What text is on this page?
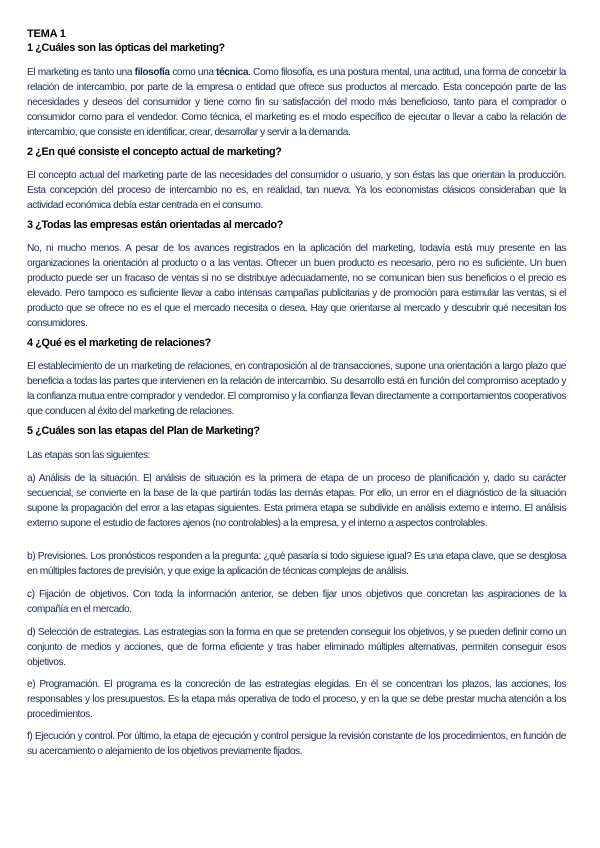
TEMA 1
1 ¿Cuáles son las ópticas del marketing?
El marketing es tanto una filosofía como una técnica. Como filosofía, es una postura mental, una actitud, una forma de concebir la relación de intercambio, por parte de la empresa o entidad que ofrece sus productos al mercado. Esta concepción parte de las necesidades y deseos del consumidor y tiene como fin su satisfacción del modo más beneficioso, tanto para el comprador o consumidor como para el vendedor. Como técnica, el marketing es el modo específico de ejecutar o llevar a cabo la relación de intercambio, que consiste en identificar, crear, desarrollar y servir a la demanda.
2 ¿En qué consiste el concepto actual de marketing?
El concepto actual del marketing parte de las necesidades del consumidor o usuario, y son éstas las que orientan la producción. Esta concepción del proceso de intercambio no es, en realidad, tan nueva. Ya los economistas clásicos consideraban que la actividad económica debía estar centrada en el consumo.
3 ¿Todas las empresas están orientadas al mercado?
No, ni mucho menos. A pesar de los avances registrados en la aplicación del marketing, todavía está muy presente en las organizaciones la orientación al producto o a las ventas. Ofrecer un buen producto es necesario, pero no es suficiente. Un buen producto puede ser un fracaso de ventas si no se distribuye adecuadamente, no se comunican bien sus beneficios o el precio es elevado. Pero tampoco es suficiente llevar a cabo intensas campañas publicitarias y de promoción para estimular las ventas, si el producto que se ofrece no es el que el mercado necesita o desea. Hay que orientarse al mercado y descubrir qué necesitan los consumidores.
4 ¿Qué es el marketing de relaciones?
El establecimiento de un marketing de relaciones, en contraposición al de transacciones, supone una orientación a largo plazo que beneficia a todas las partes que intervienen en la relación de intercambio. Su desarrollo está en función del compromiso aceptado y la confianza mutua entre comprador y vendedor. El compromiso y la confianza llevan directamente a comportamientos cooperativos que conducen al éxito del marketing de relaciones.
5 ¿Cuáles son las etapas del Plan de Marketing?
Las etapas son las siguientes:
a) Análisis de la situación. El análisis de situación es la primera de etapa de un proceso de planificación y, dado su carácter secuencial, se convierte en la base de la que partirán todas las demás etapas. Por ello, un error en el diagnóstico de la situación supone la propagación del error a las etapas siguientes. Esta primera etapa se subdivide en análisis externo e interno. El análisis externo supone el estudio de factores ajenos (no controlables) a la empresa, y el interno a aspectos controlables.
b) Previsiones. Los pronósticos responden a la pregunta: ¿qué pasaría si todo siguiese igual? Es una etapa clave, que se desglosa en múltiples factores de previsión, y que exige la aplicación de técnicas complejas de análisis.
c) Fijación de objetivos. Con toda la información anterior, se deben fijar unos objetivos que concretan las aspiraciones de la compañía en el mercado.
d) Selección de estrategias. Las estrategias son la forma en que se pretenden conseguir los objetivos, y se pueden definir como un conjunto de medios y acciones, que de forma eficiente y tras haber eliminado múltiples alternativas, permiten conseguir esos objetivos.
e) Programación. El programa es la concreción de las estrategias elegidas. En él se concentran los plazos, las acciones, los responsables y los presupuestos. Es la etapa más operativa de todo el proceso, y en la que se debe prestar mucha atención a los procedimientos.
f) Ejecución y control. Por último, la etapa de ejecución y control persigue la revisión constante de los procedimientos, en función de su acercamiento o alejamiento de los objetivos previamente fijados.
